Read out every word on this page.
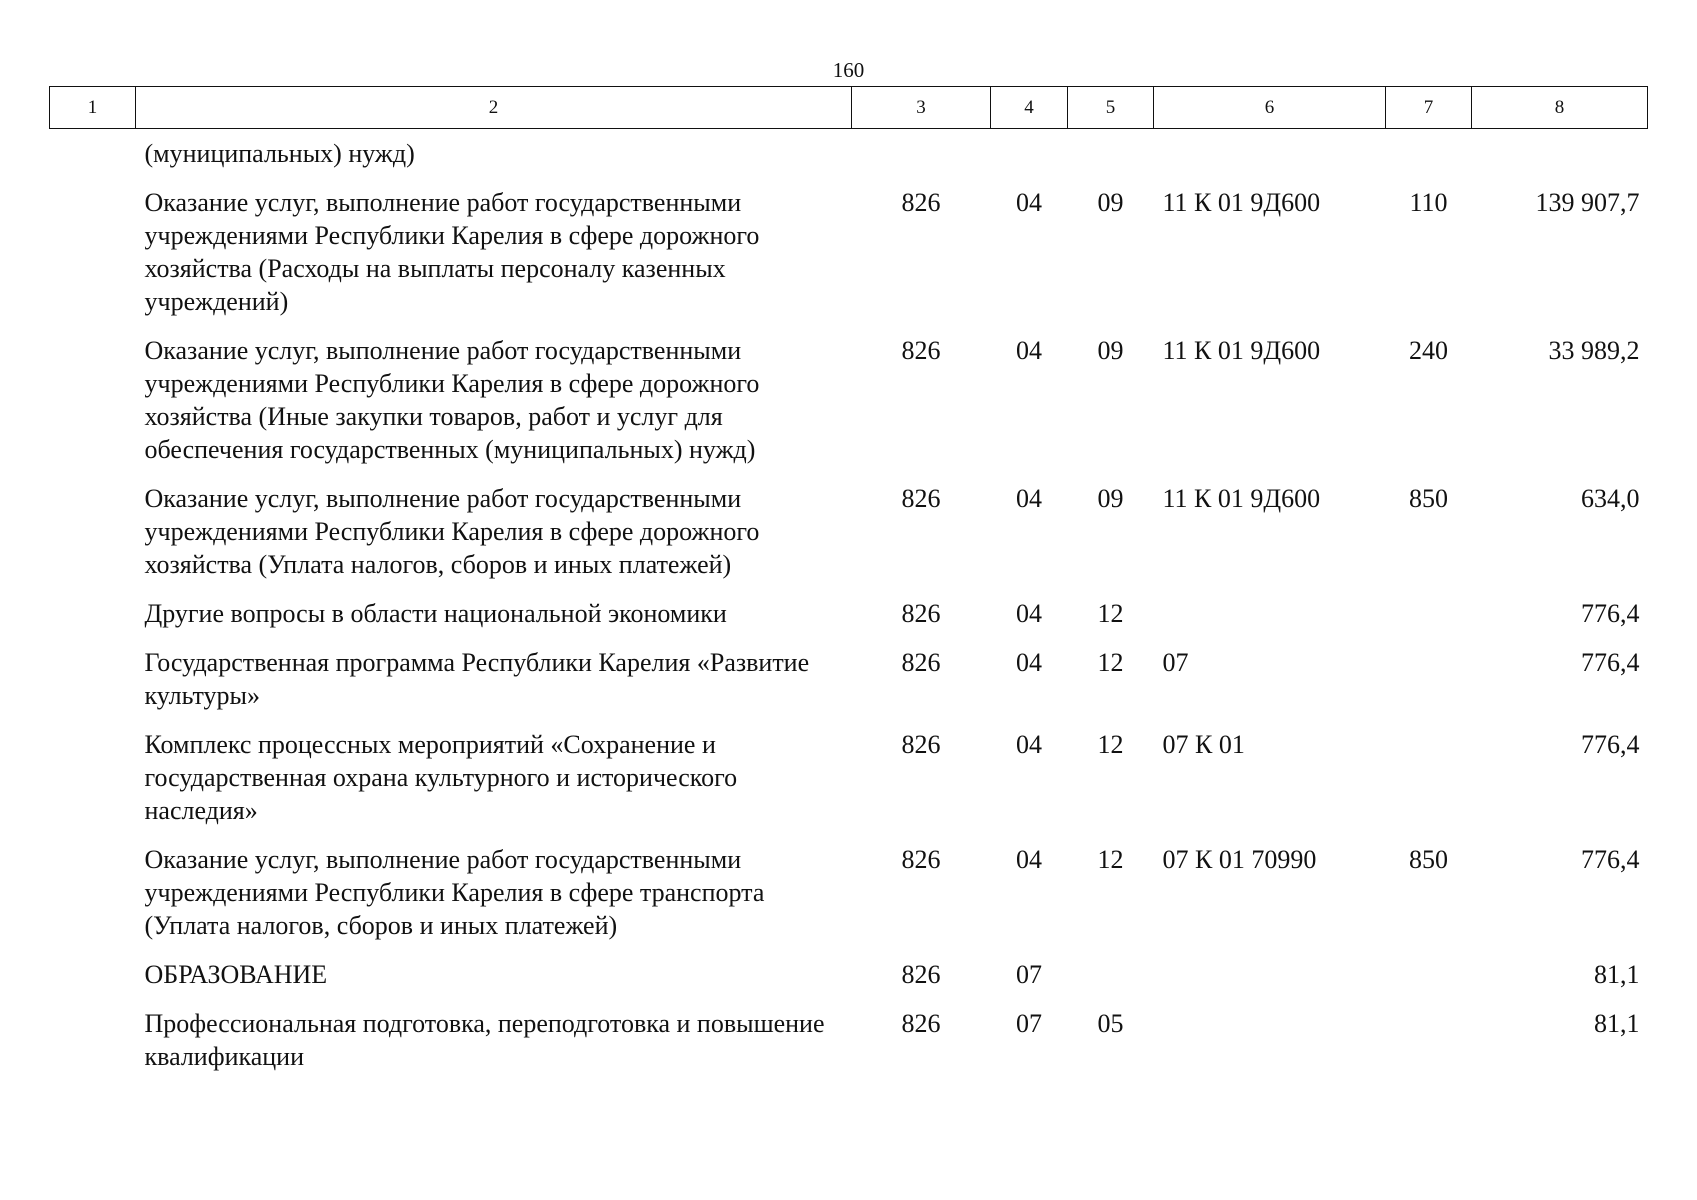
160
1	2	3	4	5	6	7	8
	(муниципальных) нужд)						
	Оказание услуг, выполнение работ государственными учреждениями Республики Карелия в сфере дорожного хозяйства (Расходы на выплаты персоналу казенных учреждений)	826	04	09	11 К 01 9Д600	110	139 907,7
	Оказание услуг, выполнение работ государственными учреждениями Республики Карелия в сфере дорожного хозяйства (Иные закупки товаров, работ и услуг для обеспечения государственных (муниципальных) нужд)	826	04	09	11 К 01 9Д600	240	33 989,2
	Оказание услуг, выполнение работ государственными учреждениями Республики Карелия в сфере дорожного хозяйства (Уплата налогов, сборов и иных платежей)	826	04	09	11 К 01 9Д600	850	634,0
	Другие вопросы в области национальной экономики	826	04	12			776,4
	Государственная программа Республики Карелия «Развитие культуры»	826	04	12	07		776,4
	Комплекс процессных мероприятий «Сохранение и государственная охрана культурного и исторического наследия»	826	04	12	07 К 01		776,4
	Оказание услуг, выполнение работ государственными учреждениями Республики Карелия в сфере транспорта (Уплата налогов, сборов и иных платежей)	826	04	12	07 К 01 70990	850	776,4
	ОБРАЗОВАНИЕ	826	07				81,1
	Профессиональная подготовка, переподготовка и повышение квалификации	826	07	05			81,1
